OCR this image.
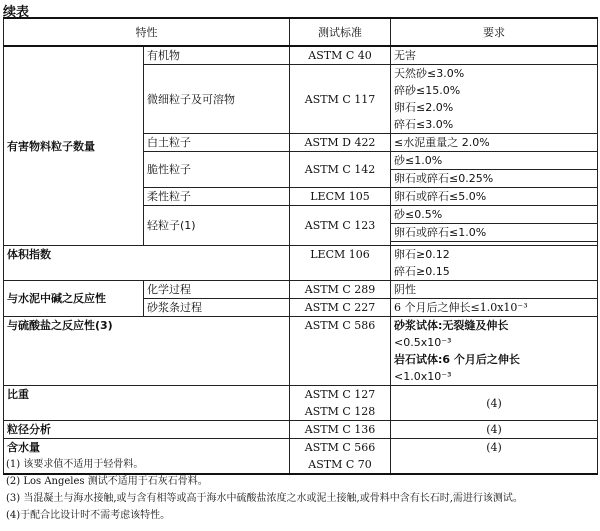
续表
特性		测试标准	要求
有害物料粒子数量	有机物	ASTM C 40	无害

	微细粒子及可溶物	ASTM C 117	天然砂≤3.0%
碎砂≤15.0%
卵石≤2.0%
碎石≤3.0%

	白土粒子	ASTM D 422	≤水泥重量之 2.0%

	脆性粒子	ASTM C 142	砂≤1.0%

			卵石或碎石≤0.25%

	柔性粒子	LECM 105	卵石或碎石≤5.0%

	轻粒子(1)	ASTM C 123	砂≤0.5%

			卵石或碎石≤1.0%

体积指数		LECM 106	卵石≥0.12
碎石≥0.15

与水泥中碱之反应性	化学过程	ASTM C 289	阴性

	砂浆条过程	ASTM C 227	6 个月后之伸长≤1.0x10⁻³

与硫酸盐之反应性(3)		ASTM C 586	砂浆试体:无裂缝及伸长
<0.5x10⁻³
岩石试体:6 个月后之伸长
<1.0x10⁻³

比重		ASTM C 127
ASTM C 128	(4)
粒径分析		ASTM C 136	(4)
含水量		ASTM C 566
ASTM C 70	(4)
(1) 该要求值不适用于轻骨料。
(2) Los Angeles 测试不适用于石灰石骨料。
(3) 当混凝土与海水接触,或与含有相等或高于海水中硫酸盐浓度之水或泥土接触,或骨料中含有长石时,需进行该测试。
(4)于配合比设计时不需考虑该特性。
